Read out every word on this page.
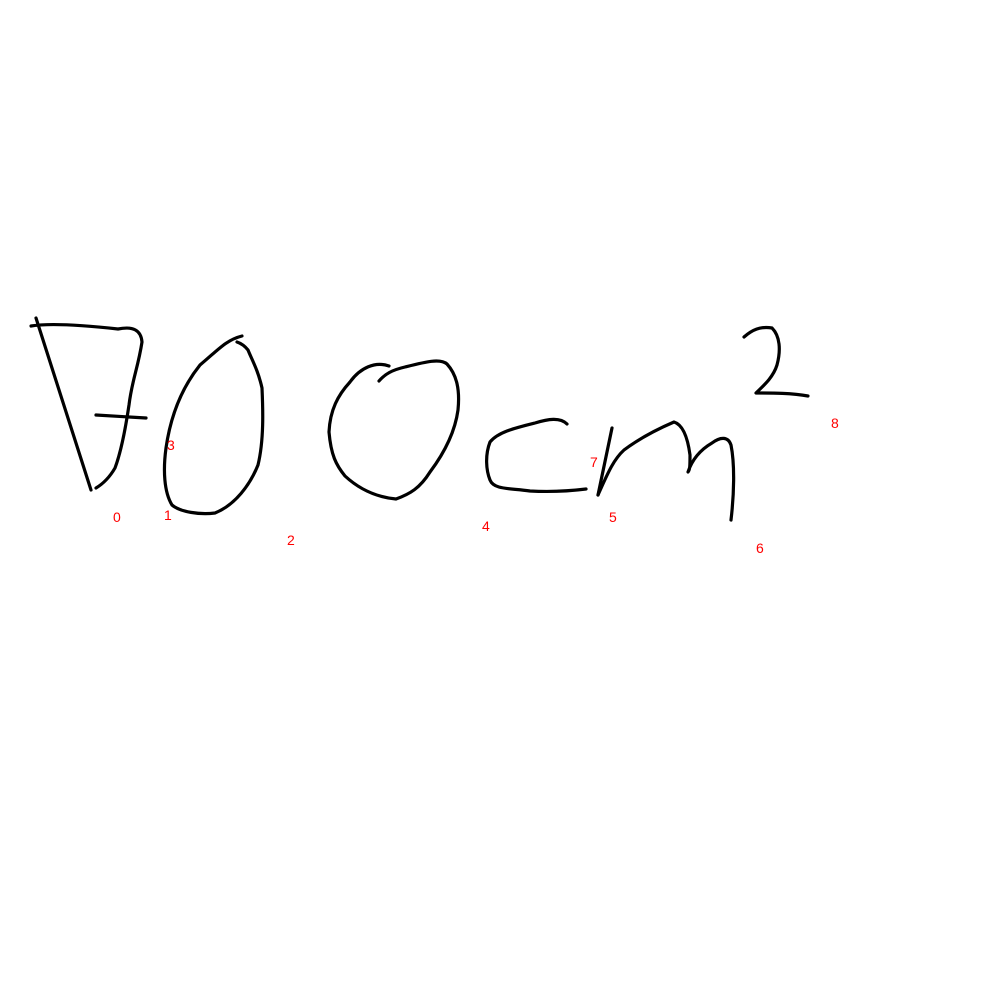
0	1
2
3
4
5
6
7
8
